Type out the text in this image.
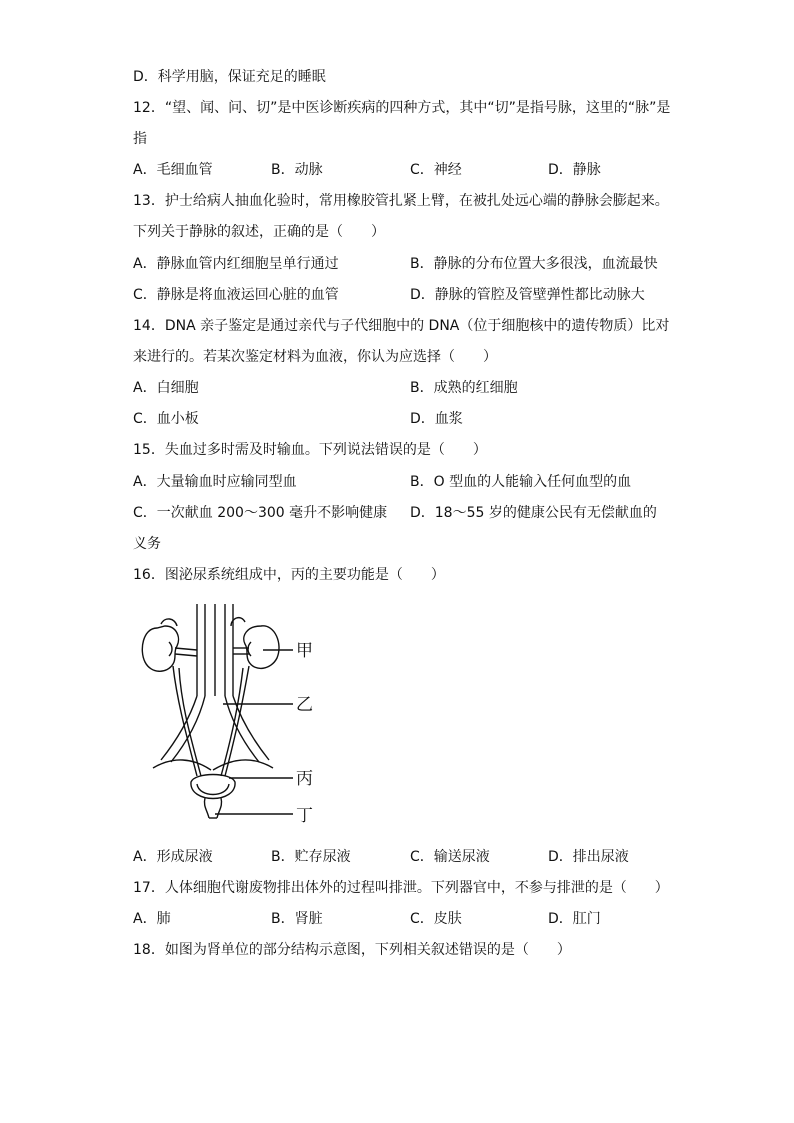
D．科学用脑，保证充足的睡眠
12．“望、闻、问、切”是中医诊断疾病的四种方式，其中“切”是指号脉，这里的“脉”是
指
A．毛细血管	B．动脉	C．神经	D．静脉
13．护士给病人抽血化验时，常用橡胶管扎紧上臂，在被扎处远心端的静脉会膨起来。
下列关于静脉的叙述，正确的是（　　）
A．静脉血管内红细胞呈单行通过	B．静脉的分布位置大多很浅，血流最快
C．静脉是将血液运回心脏的血管	D．静脉的管腔及管壁弹性都比动脉大
14．DNA 亲子鉴定是通过亲代与子代细胞中的 DNA（位于细胞核中的遗传物质）比对
来进行的。若某次鉴定材料为血液，你认为应选择（　　）
A．白细胞	B．成熟的红细胞
C．血小板	D．血浆
15．失血过多时需及时输血。下列说法错误的是（　　）
A．大量输血时应输同型血	B．O 型血的人能输入任何血型的血
C．一次献血 200～300 毫升不影响健康 D．18～55 岁的健康公民有无偿献血的
义务
16．图泌尿系统组成中，丙的主要功能是（　　）
甲
乙
丙
丁
A．形成尿液	B．贮存尿液	C．输送尿液	D．排出尿液
17．人体细胞代谢废物排出体外的过程叫排泄。下列器官中，不参与排泄的是（　　）
A．肺	B．肾脏	C．皮肤	D．肛门
18．如图为肾单位的部分结构示意图，下列相关叙述错误的是（　　）
